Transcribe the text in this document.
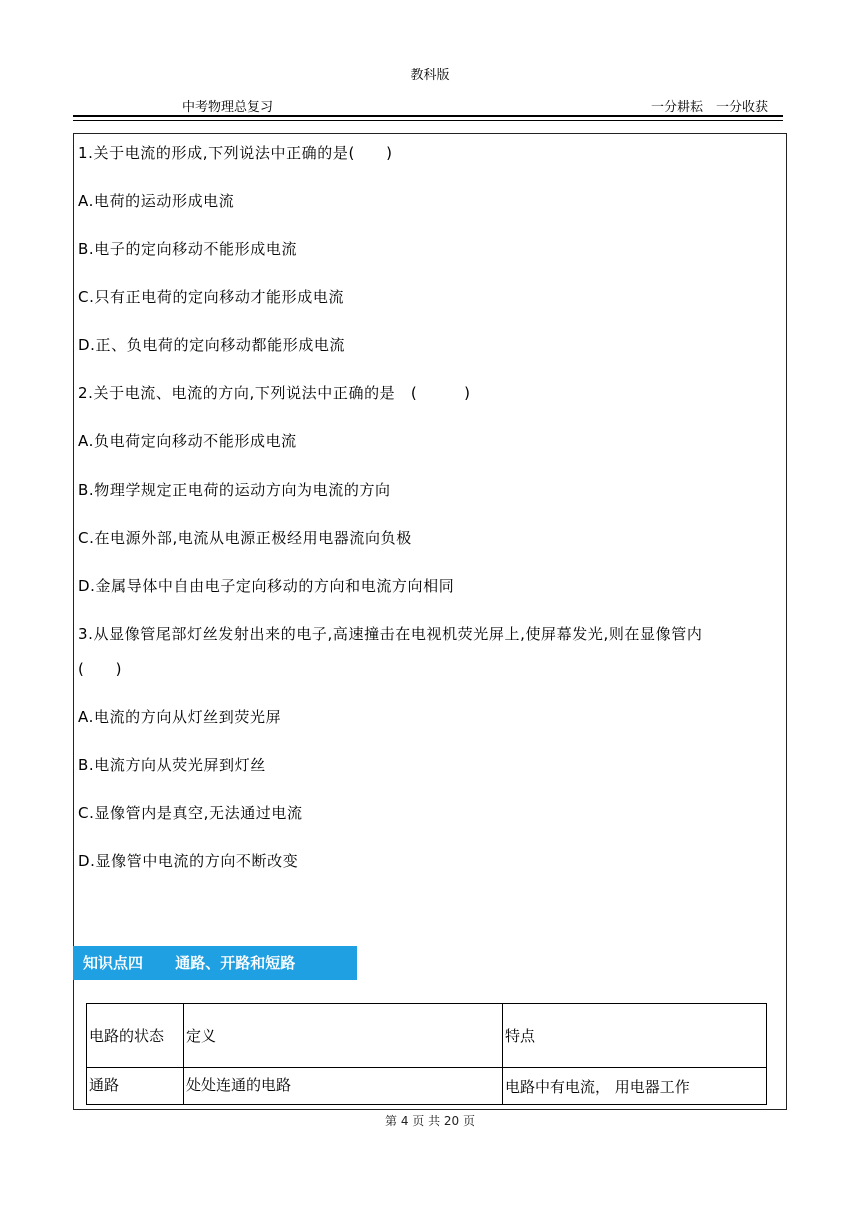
教科版
中考物理总复习	一分耕耘　一分收获
1.关于电流的形成,下列说法中正确的是(　　)
A.电荷的运动形成电流
B.电子的定向移动不能形成电流
C.只有正电荷的定向移动才能形成电流
D.正、负电荷的定向移动都能形成电流
2.关于电流、电流的方向,下列说法中正确的是　(　　　)
A.负电荷定向移动不能形成电流
B.物理学规定正电荷的运动方向为电流的方向
C.在电源外部,电流从电源正极经用电器流向负极
D.金属导体中自由电子定向移动的方向和电流方向相同
3.从显像管尾部灯丝发射出来的电子,高速撞击在电视机荧光屏上,使屏幕发光,则在显像管内
(　　)
A.电流的方向从灯丝到荧光屏
B.电流方向从荧光屏到灯丝
C.显像管内是真空,无法通过电流
D.显像管中电流的方向不断改变
知识点四　 通路、开路和短路
电路的状态	定义	特点
通路	处处连通的电路	电路中有电流， 用电器工作
第 4 页 共 20 页
